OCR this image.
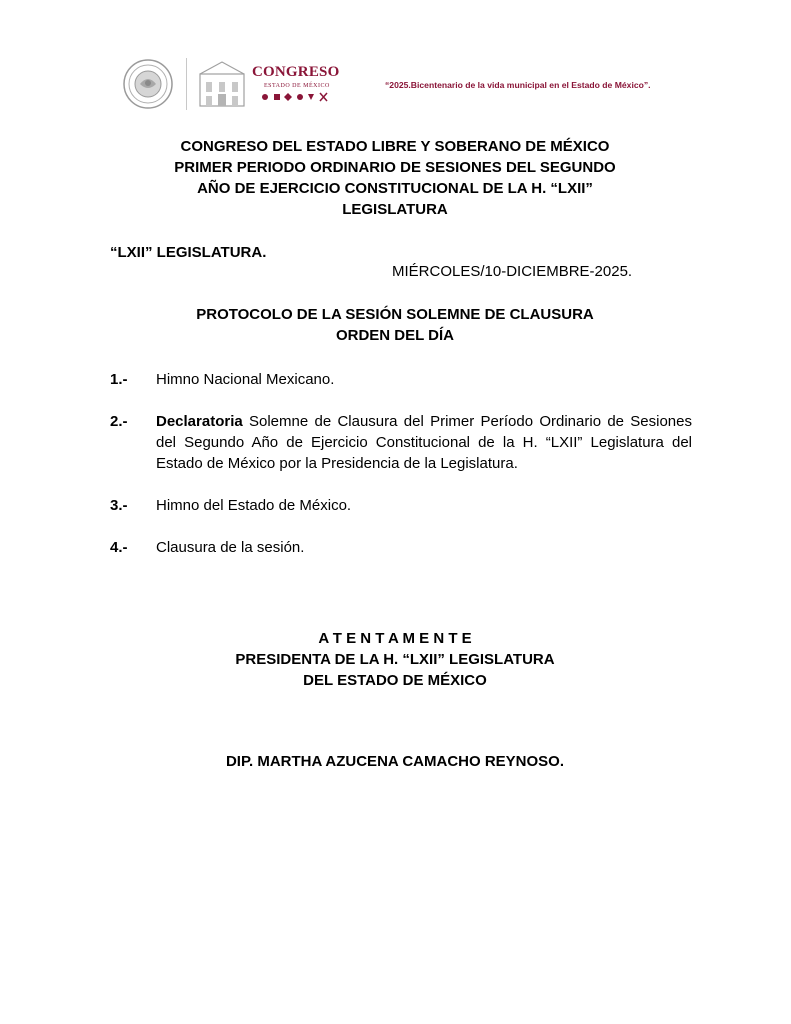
CONGRESO
ESTADO DE MÉXICO	“2025.Bicentenario de la vida municipal en el Estado de México”.
CONGRESO DEL ESTADO LIBRE Y SOBERANO DE MÉXICO
PRIMER PERIODO ORDINARIO DE SESIONES DEL SEGUNDO
AÑO DE EJERCICIO CONSTITUCIONAL DE LA H. “LXII”
LEGISLATURA
“LXII” LEGISLATURA.
MIÉRCOLES/10-DICIEMBRE-2025.
PROTOCOLO DE LA SESIÓN SOLEMNE DE CLAUSURA
ORDEN DEL DÍA
1.- Himno Nacional Mexicano.
2.- Declaratoria Solemne de Clausura del Primer Período Ordinario de Sesiones del Segundo Año de Ejercicio Constitucional de la H. “LXII” Legislatura del Estado de México por la Presidencia de la Legislatura.
3.- Himno del Estado de México.
4.- Clausura de la sesión.
A T E N T A M E N T E
PRESIDENTA DE LA H. “LXII” LEGISLATURA
DEL ESTADO DE MÉXICO
DIP. MARTHA AZUCENA CAMACHO REYNOSO.
